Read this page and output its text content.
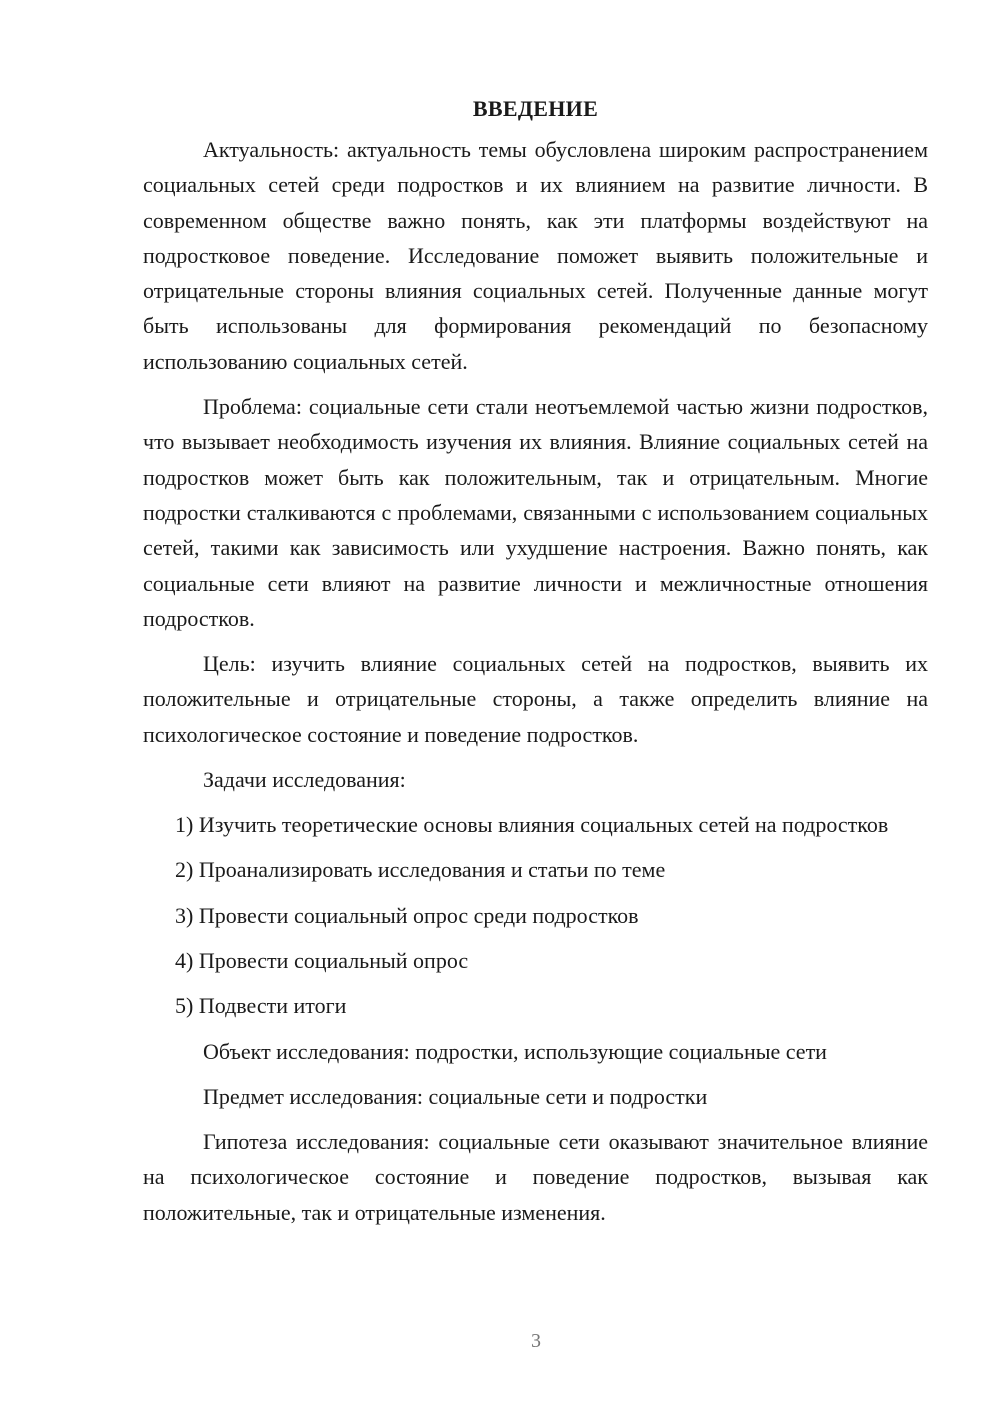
ВВЕДЕНИЕ

Актуальность: актуальность темы обусловлена широким распространением социальных сетей среди подростков и их влиянием на развитие личности. В современном обществе важно понять, как эти платформы воздействуют на подростковое поведение. Исследование поможет выявить положительные и отрицательные стороны влияния социальных сетей. Полученные данные могут быть использованы для формирования рекомендаций по безопасному использованию социальных сетей.

Проблема: социальные сети стали неотъемлемой частью жизни подростков, что вызывает необходимость изучения их влияния. Влияние социальных сетей на подростков может быть как положительным, так и отрицательным. Многие подростки сталкиваются с проблемами, связанными с использованием социальных сетей, такими как зависимость или ухудшение настроения. Важно понять, как социальные сети влияют на развитие личности и межличностные отношения подростков.

Цель: изучить влияние социальных сетей на подростков, выявить их положительные и отрицательные стороны, а также определить влияние на психологическое состояние и поведение подростков.

Задачи исследования:

1) Изучить теоретические основы влияния социальных сетей на подростков

2) Проанализировать исследования и статьи по теме

3) Провести социальный опрос среди подростков

4) Провести социальный опрос

5) Подвести итоги

Объект исследования: подростки, использующие социальные сети

Предмет исследования: социальные сети и подростки

Гипотеза исследования: социальные сети оказывают значительное влияние на психологическое состояние и поведение подростков, вызывая как положительные, так и отрицательные изменения.

3
